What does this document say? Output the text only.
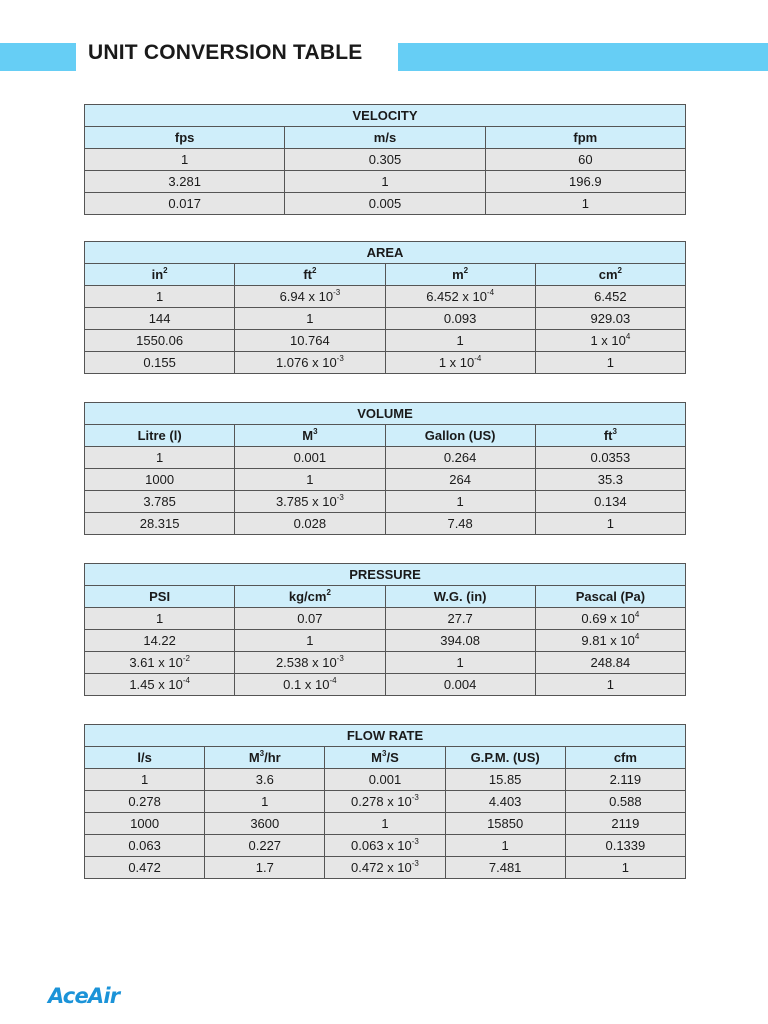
UNIT CONVERSION TABLE
VELOCITY		
fps	m/s	fpm
1	0.305	60
3.281	1	196.9
0.017	0.005	1
AREA			
$in^2$	$ft^2$	$m^2$	$cm^2$
1	6.94 x $10^{-3}$	6.452 x $10^{-4}$	6.452
144	1	0.093	929.03
1550.06	10.764	1	1 x $10^4$
0.155	1.076 x $10^{-3}$	1 x $10^{-4}$	1
VOLUME			
Litre (l)	$M^3$	Gallon (US)	$ft^3$
1	0.001	0.264	0.0353
1000	1	264	35.3
3.785	3.785 x $10^{-3}$	1	0.134
28.315	0.028	7.48	1
PRESSURE			
PSI	$kg/cm^2$	W.G. (in)	Pascal (Pa)
1	0.07	27.7	0.69 x $10^4$
14.22	1	394.08	9.81 x $10^4$
3.61 x $10^{-2}$	2.538 x $10^{-3}$	1	248.84
1.45 x $10^{-4}$	0.1 x $10^{-4}$	0.004	1
FLOW RATE				
l/s	$M^3/hr$	$M^3/S$	G.P.M. (US)	cfm
1	3.6	0.001	15.85	2.119
0.278	1	0.278 x $10^{-3}$	4.403	0.588
1000	3600	1	15850	2119
0.063	0.227	0.063 x $10^{-3}$	1	0.1339
0.472	1.7	0.472 x $10^{-3}$	7.481	1
AceAir
